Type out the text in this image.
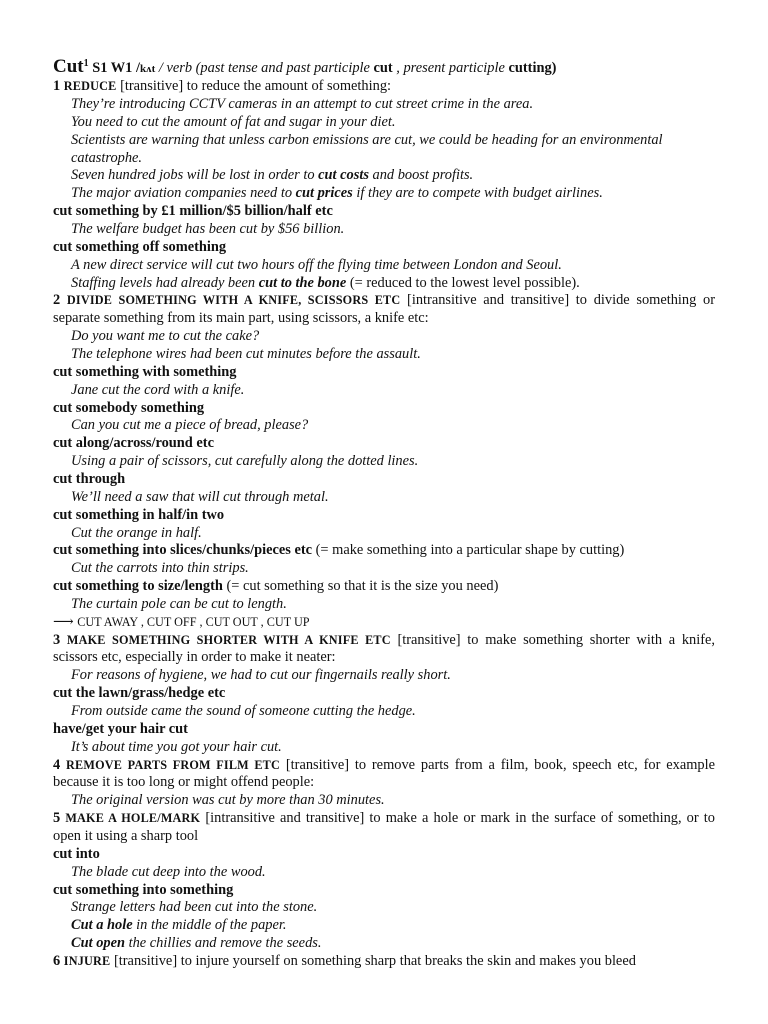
Cut$^1$ S1 W1 /kʌt / verb (past tense and past participle cut , present participle cutting)
1 REDUCE [transitive] to reduce the amount of something:
They’re introducing CCTV cameras in an attempt to cut street crime in the area.
You need to cut the amount of fat and sugar in your diet.
Scientists are warning that unless carbon emissions are cut, we could be heading for an environmental
catastrophe.
Seven hundred jobs will be lost in order to cut costs and boost profits.
The major aviation companies need to cut prices if they are to compete with budget airlines.
cut something by £1 million/$5 billion/half etc
The welfare budget has been cut by $56 billion.
cut something off something
A new direct service will cut two hours off the flying time between London and Seoul.
Staffing levels had already been cut to the bone (= reduced to the lowest level possible).
2 DIVIDE SOMETHING WITH A KNIFE, SCISSORS ETC [intransitive and transitive] to divide something or
separate something from its main part, using scissors, a knife etc:
Do you want me to cut the cake?
The telephone wires had been cut minutes before the assault.
cut something with something
Jane cut the cord with a knife.
cut somebody something
Can you cut me a piece of bread, please?
cut along/across/round etc
Using a pair of scissors, cut carefully along the dotted lines.
cut through
We’ll need a saw that will cut through metal.
cut something in half/in two
Cut the orange in half.
cut something into slices/chunks/pieces etc (= make something into a particular shape by cutting)
Cut the carrots into thin strips.
cut something to size/length (= cut something so that it is the size you need)
The curtain pole can be cut to length.
⟶ CUT AWAY , CUT OFF , CUT OUT , CUT UP
3 MAKE SOMETHING SHORTER WITH A KNIFE ETC [transitive] to make something shorter with a knife,
scissors etc, especially in order to make it neater:
For reasons of hygiene, we had to cut our fingernails really short.
cut the lawn/grass/hedge etc
From outside came the sound of someone cutting the hedge.
have/get your hair cut
It’s about time you got your hair cut.
4 REMOVE PARTS FROM FILM ETC [transitive] to remove parts from a film, book, speech etc, for example
because it is too long or might offend people:
The original version was cut by more than 30 minutes.
5 MAKE A HOLE/MARK [intransitive and transitive] to make a hole or mark in the surface of something, or to
open it using a sharp tool
cut into
The blade cut deep into the wood.
cut something into something
Strange letters had been cut into the stone.
Cut a hole in the middle of the paper.
Cut open the chillies and remove the seeds.
6 INJURE [transitive] to injure yourself on something sharp that breaks the skin and makes you bleed
